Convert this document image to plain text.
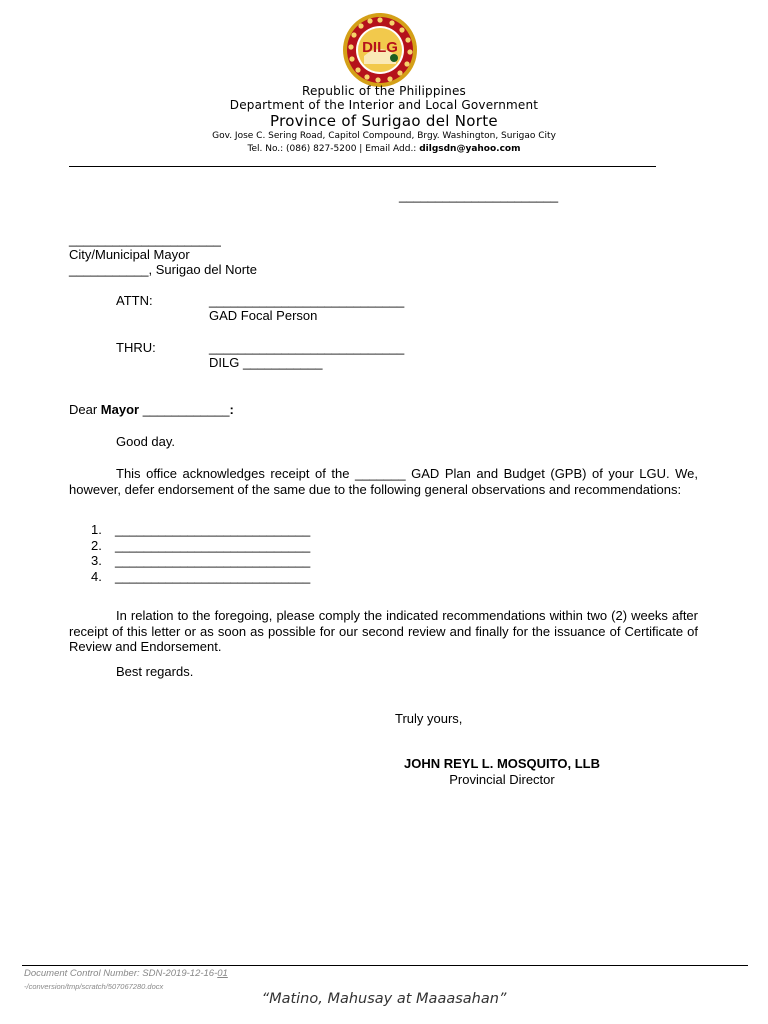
DILG
Republic of the Philippines
Department of the Interior and Local Government
Province of Surigao del Norte
Gov. Jose C. Sering Road, Capitol Compound, Brgy. Washington, Surigao City
Tel. No.: (086) 827-5200 | Email Add.: dilgsdn@yahoo.com
______________________
_____________________
City/Municipal Mayor
___________, Surigao del Norte
ATTN:	___________________________
GAD Focal Person
THRU:	___________________________
DILG ___________
Dear Mayor ____________:
Good day.
This office acknowledges receipt of the _______ GAD Plan and Budget (GPB) of your LGU. We, however, defer endorsement of the same due to the following general observations and recommendations:
1. ___________________________
2. ___________________________
3. ___________________________
4. ___________________________
In relation to the foregoing, please comply the indicated recommendations within two (2) weeks after receipt of this letter or as soon as possible for our second review and finally for the issuance of Certificate of Review and Endorsement.
Best regards.
Truly yours,
JOHN REYL L. MOSQUITO, LLB
Provincial Director
Document Control Number: SDN-2019-12-16-01
-/conversion/tmp/scratch/507067280.docx
“Matino, Mahusay at Maaasahan”
